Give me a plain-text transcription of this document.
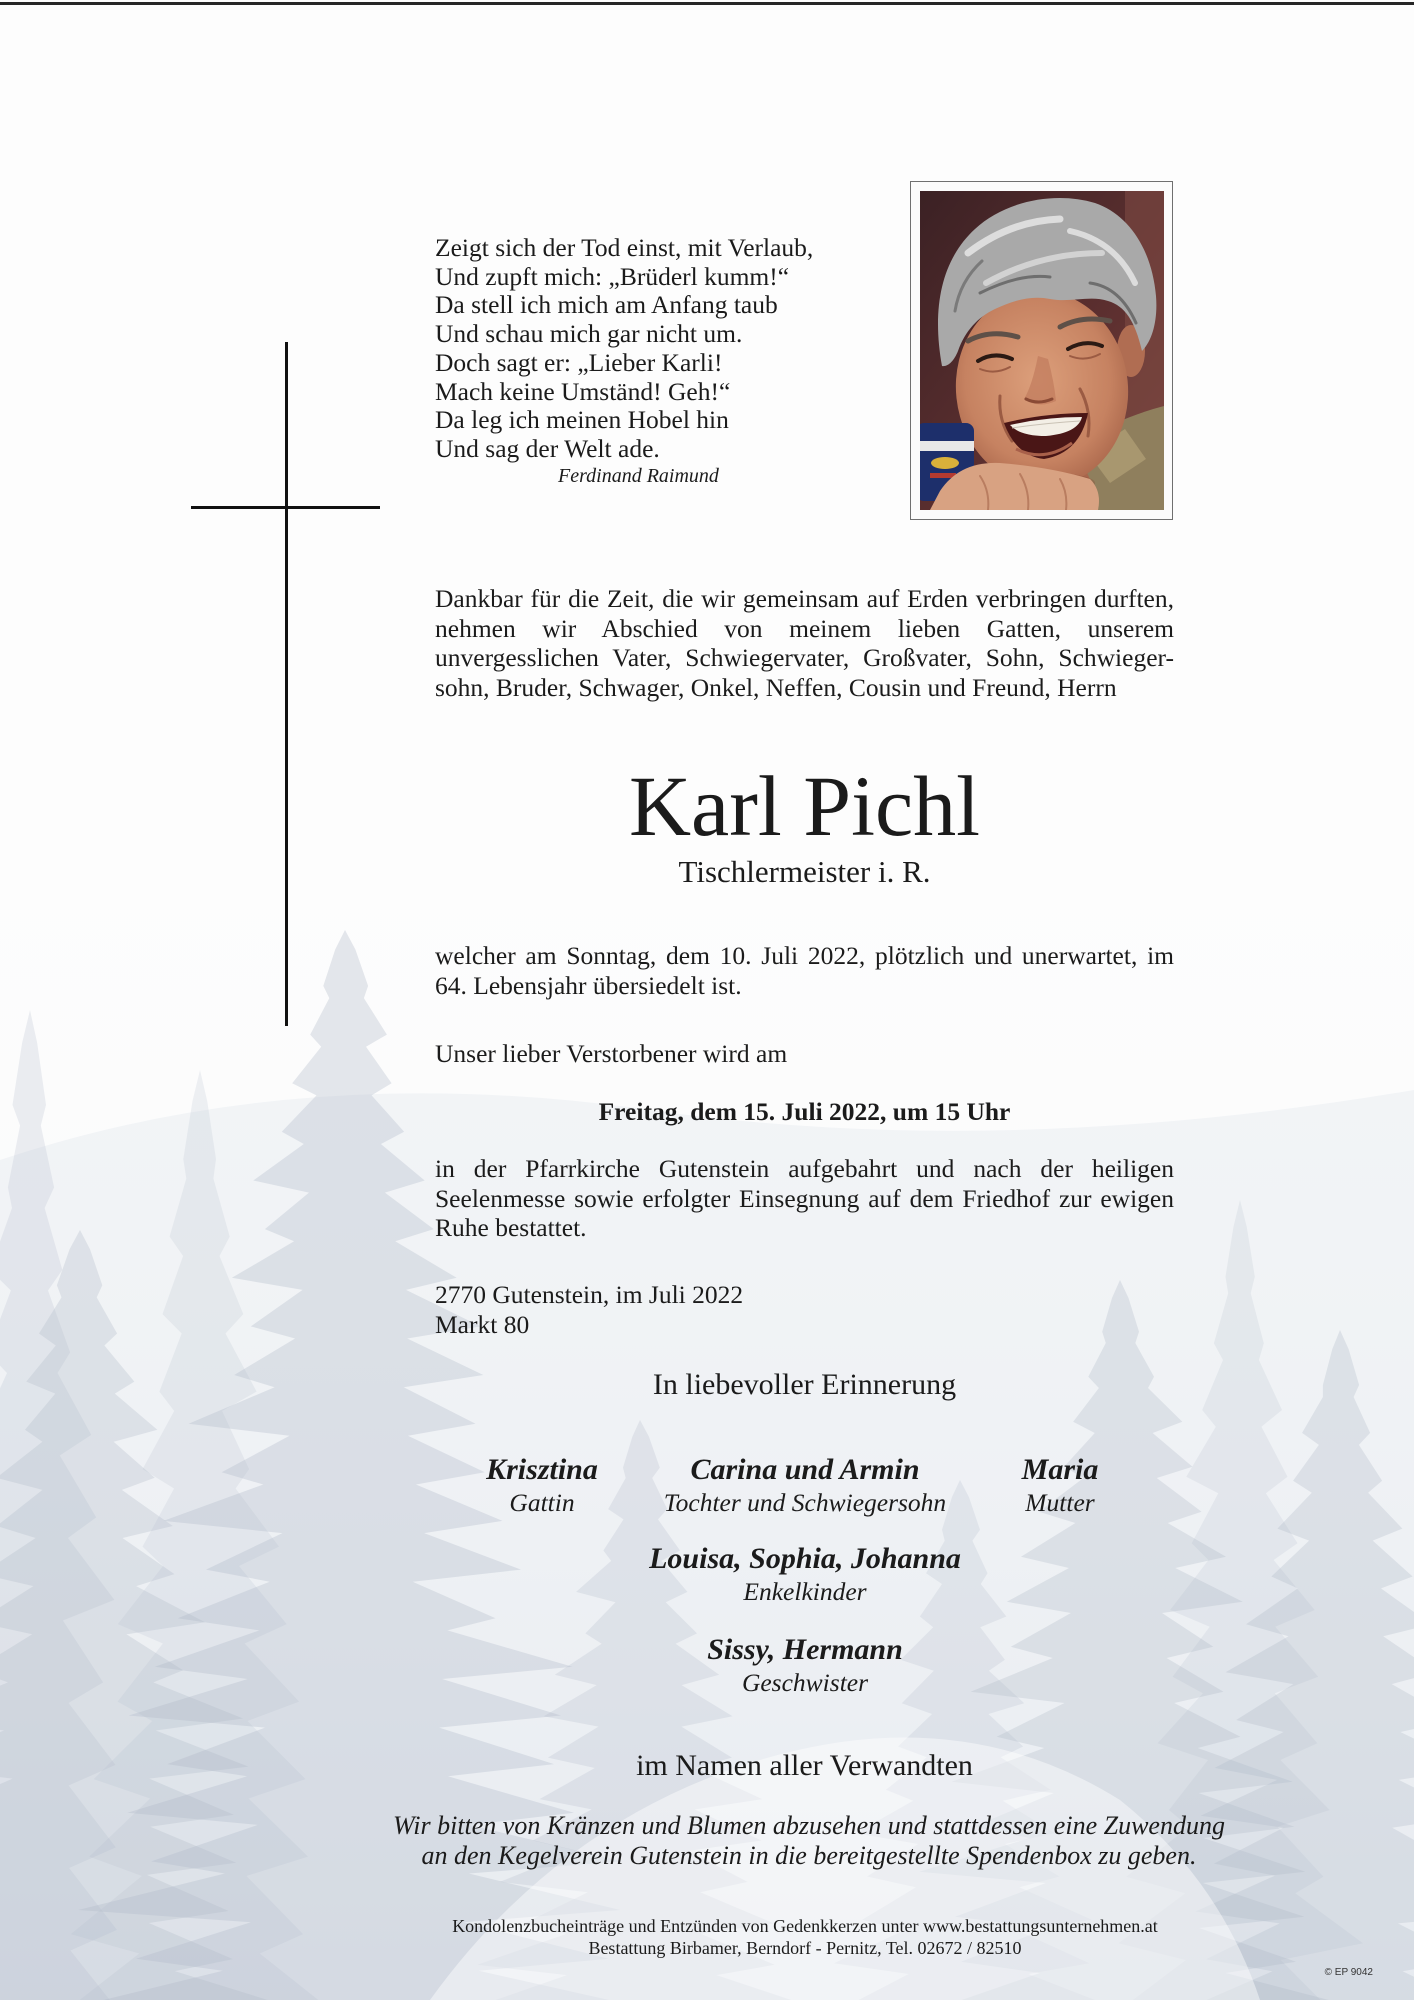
Zeigt sich der Tod einst, mit Verlaub,
Und zupft mich: „Brüderl kumm!“
Da stell ich mich am Anfang taub
Und schau mich gar nicht um.
Doch sagt er: „Lieber Karli!
Mach keine Umständ! Geh!“
Da leg ich meinen Hobel hin
Und sag der Welt ade.
Ferdinand Raimund
Dankbar für die Zeit, die wir gemeinsam auf Erden verbringen durften,
nehmen wir Abschied von meinem lieben Gatten, unserem
unvergesslichen Vater, Schwiegervater, Großvater, Sohn, Schwieger-
sohn, Bruder, Schwager, Onkel, Neffen, Cousin und Freund, Herrn
Karl Pichl
Tischlermeister i. R.
welcher am Sonntag, dem 10. Juli 2022, plötzlich und unerwartet, im
64. Lebensjahr übersiedelt ist.
Unser lieber Verstorbener wird am
Freitag, dem 15. Juli 2022, um 15 Uhr
in der Pfarrkirche Gutenstein aufgebahrt und nach der heiligen
Seelenmesse sowie erfolgter Einsegnung auf dem Friedhof zur ewigen
Ruhe bestattet.
2770 Gutenstein, im Juli 2022
Markt 80
In liebevoller Erinnerung
Krisztina
Gattin
Carina und Armin
Tochter und Schwiegersohn
Maria
Mutter
Louisa, Sophia, Johanna
Enkelkinder
Sissy, Hermann
Geschwister
im Namen aller Verwandten
Wir bitten von Kränzen und Blumen abzusehen und stattdessen eine Zuwendung
an den Kegelverein Gutenstein in die bereitgestellte Spendenbox zu geben.
Kondolenzbucheinträge und Entzünden von Gedenkkerzen unter www.bestattungsunternehmen.at
Bestattung Birbamer, Berndorf - Pernitz, Tel. 02672 / 82510
© EP 9042
